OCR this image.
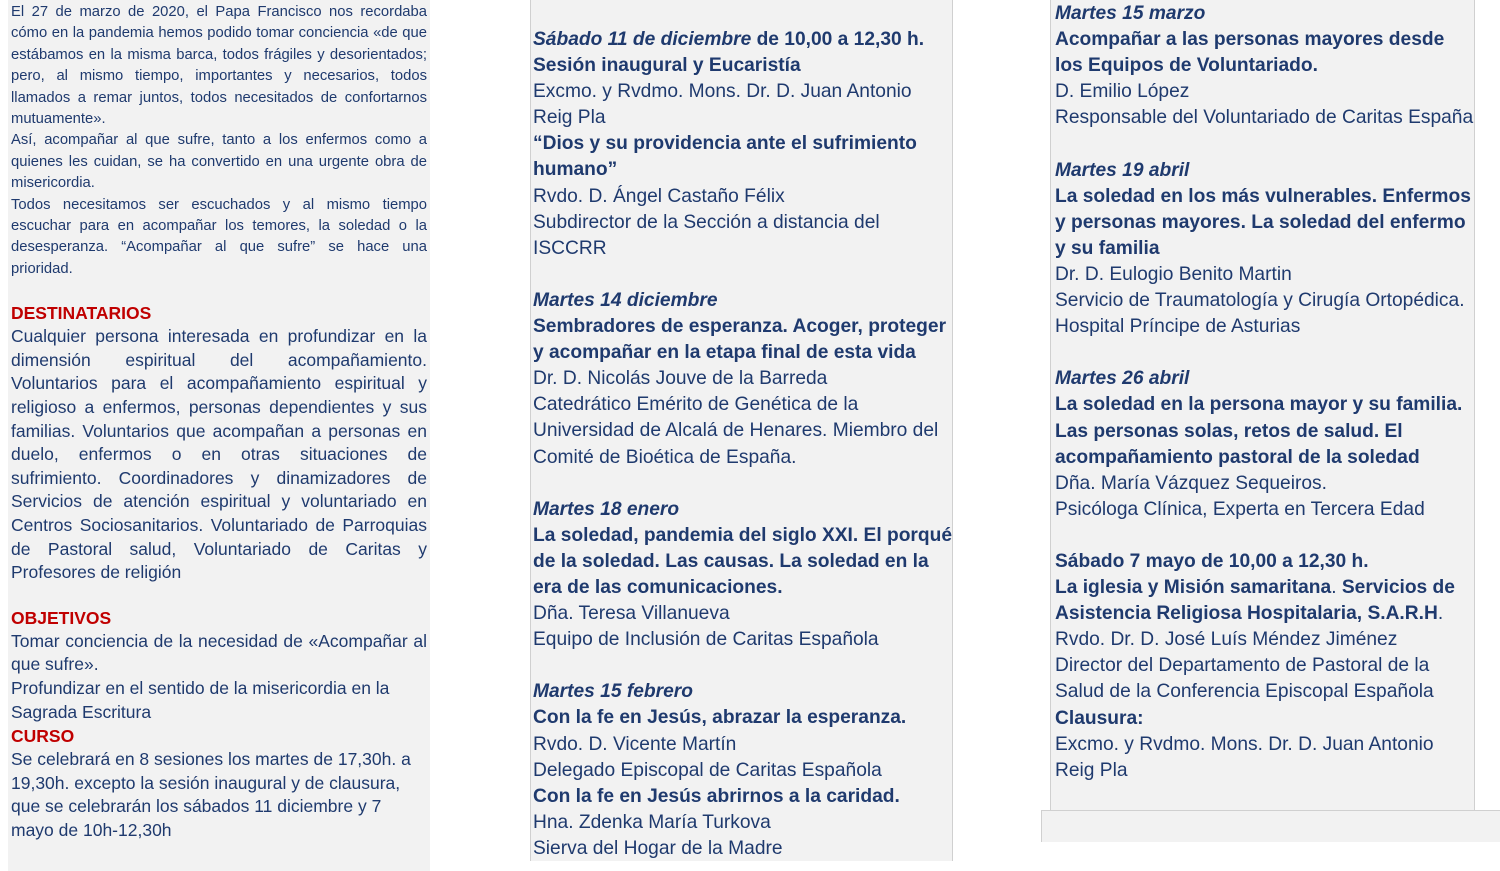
El 27 de marzo de 2020, el Papa Francisco nos recordaba cómo en la pandemia hemos podido tomar conciencia «de que estábamos en la misma barca, todos frágiles y desorientados; pero, al mismo tiempo, importantes y necesarios, todos llamados a remar juntos, todos necesitados de confortarnos mutuamente».

Así, acompañar al que sufre, tanto a los enfermos como a quienes les cuidan, se ha convertido en una urgente obra de misericordia.

Todos necesitamos ser escuchados y al mismo tiempo escuchar para en acompañar los temores, la soledad o la desesperanza. “Acompañar al que sufre” se hace una prioridad.

DESTINATARIOS

Cualquier persona interesada en profundizar en la dimensión espiritual del acompañamiento. Voluntarios para el acompañamiento espiritual y religioso a enfermos, personas dependientes y sus familias. Voluntarios que acompañan a personas en duelo, enfermos o en otras situaciones de sufrimiento. Coordinadores y dinamizadores de Servicios de atención espiritual y voluntariado en Centros Sociosanitarios. Voluntariado de Parroquias de Pastoral salud, Voluntariado de Caritas y Profesores de religión

OBJETIVOS

Tomar conciencia de la necesidad de «Acompañar al que sufre».

Profundizar en el sentido de la misericordia en la Sagrada Escritura

CURSO

Se celebrará en 8 sesiones los martes de 17,30h. a 19,30h. excepto la sesión inaugural y de clausura, que se celebrarán los sábados 11 diciembre y 7 mayo de 10h-12,30h

Sábado 11 de diciembre de 10,00 a 12,30 h.

Sesión inaugural y Eucaristía

Excmo. y Rvdmo. Mons. Dr. D. Juan Antonio Reig Pla

“Dios y su providencia ante el sufrimiento humano”

Rvdo. D. Ángel Castaño Félix

Subdirector de la Sección a distancia del ISCCRR

Martes 14 diciembre

Sembradores de esperanza. Acoger, proteger y acompañar en la etapa final de esta vida

Dr. D. Nicolás Jouve de la Barreda

Catedrático Emérito de Genética de la Universidad de Alcalá de Henares. Miembro del Comité de Bioética de España.

Martes 18 enero

La soledad, pandemia del siglo XXI. El porqué de la soledad. Las causas. La soledad en la era de las comunicaciones.

Dña. Teresa Villanueva

Equipo de Inclusión de Caritas Española

Martes 15 febrero

Con la fe en Jesús, abrazar la esperanza.

Rvdo. D. Vicente Martín

Delegado Episcopal de Caritas Española

Con la fe en Jesús abrirnos a la caridad.

Hna. Zdenka María Turkova

Sierva del Hogar de la Madre

Martes 15 marzo

Acompañar a las personas mayores desde los Equipos de Voluntariado.

D. Emilio López

Responsable del Voluntariado de Caritas España

Martes 19 abril

La soledad en los más vulnerables. Enfermos y personas mayores. La soledad del enfermo y su familia

Dr. D. Eulogio Benito Martin

Servicio de Traumatología y Cirugía Ortopédica.

Hospital Príncipe de Asturias

Martes 26 abril

La soledad en la persona mayor y su familia. Las personas solas, retos de salud. El acompañamiento pastoral de la soledad

Dña. María Vázquez Sequeiros.

Psicóloga Clínica, Experta en Tercera Edad

Sábado 7 mayo de 10,00 a 12,30 h.

La iglesia y Misión samaritana. Servicios de Asistencia Religiosa Hospitalaria, S.A.R.H.

Rvdo. Dr. D. José Luís Méndez Jiménez

Director del Departamento de Pastoral de la Salud de la Conferencia Episcopal Española

Clausura:

Excmo. y Rvdmo. Mons. Dr. D. Juan Antonio Reig Pla
